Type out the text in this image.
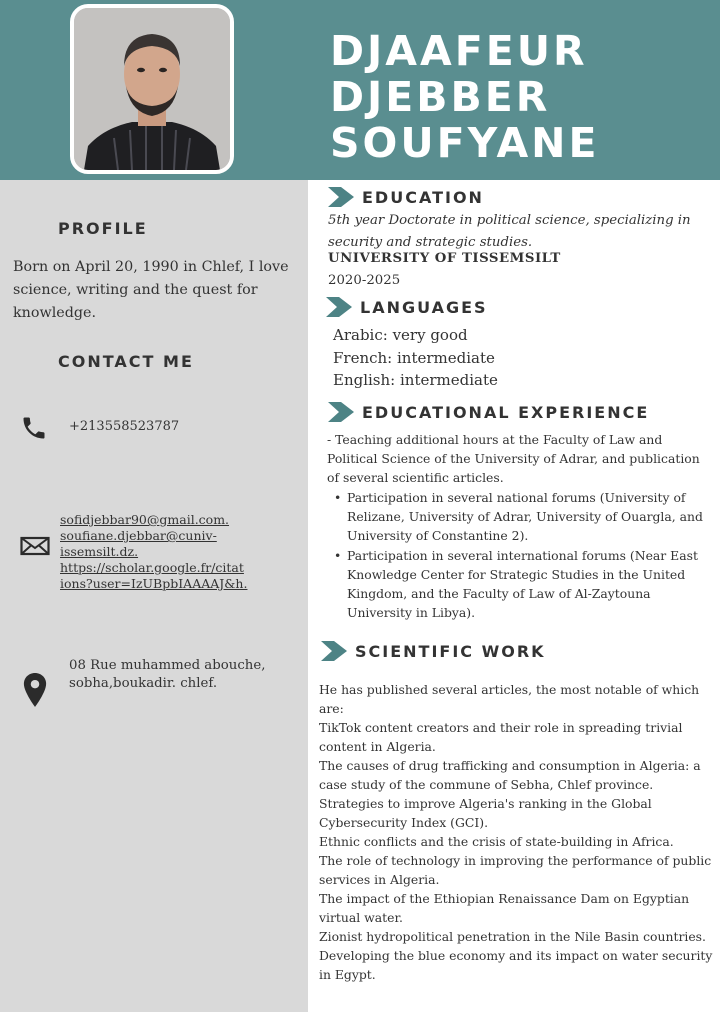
DJAAFEUR
DJEBBER
SOUFYANE
PROFILE
Born on April 20, 1990 in Chlef, I love science, writing and the quest for knowledge.
CONTACT ME
+213558523787
sofidjebbar90@gmail.com.
soufiane.djebbar@cuniv-
issemsilt.dz.
https://scholar.google.fr/citat
ions?user=IzUBpbIAAAAJ&h.
08 Rue muhammed abouche, sobha,boukadir. chlef.
EDUCATION
5th year Doctorate in political science, specializing in security and strategic studies.
UNIVERSITY OF TISSEMSILT
2020-2025
LANGUAGES
Arabic: very good
French: intermediate
English: intermediate
EDUCATIONAL EXPERIENCE
- Teaching additional hours at the Faculty of Law and Political Science of the University of Adrar, and publication of several scientific articles.
• Participation in several national forums (University of Relizane, University of Adrar, University of Ouargla, and University of Constantine 2).
• Participation in several international forums (Near East Knowledge Center for Strategic Studies in the United Kingdom, and the Faculty of Law of Al-Zaytouna University in Libya).
SCIENTIFIC WORK
He has published several articles, the most notable of which are:
TikTok content creators and their role in spreading trivial content in Algeria.
The causes of drug trafficking and consumption in Algeria: a case study of the commune of Sebha, Chlef province.
Strategies to improve Algeria's ranking in the Global Cybersecurity Index (GCI).
Ethnic conflicts and the crisis of state-building in Africa.
The role of technology in improving the performance of public services in Algeria.
The impact of the Ethiopian Renaissance Dam on Egyptian virtual water.
Zionist hydropolitical penetration in the Nile Basin countries.
Developing the blue economy and its impact on water security in Egypt.
